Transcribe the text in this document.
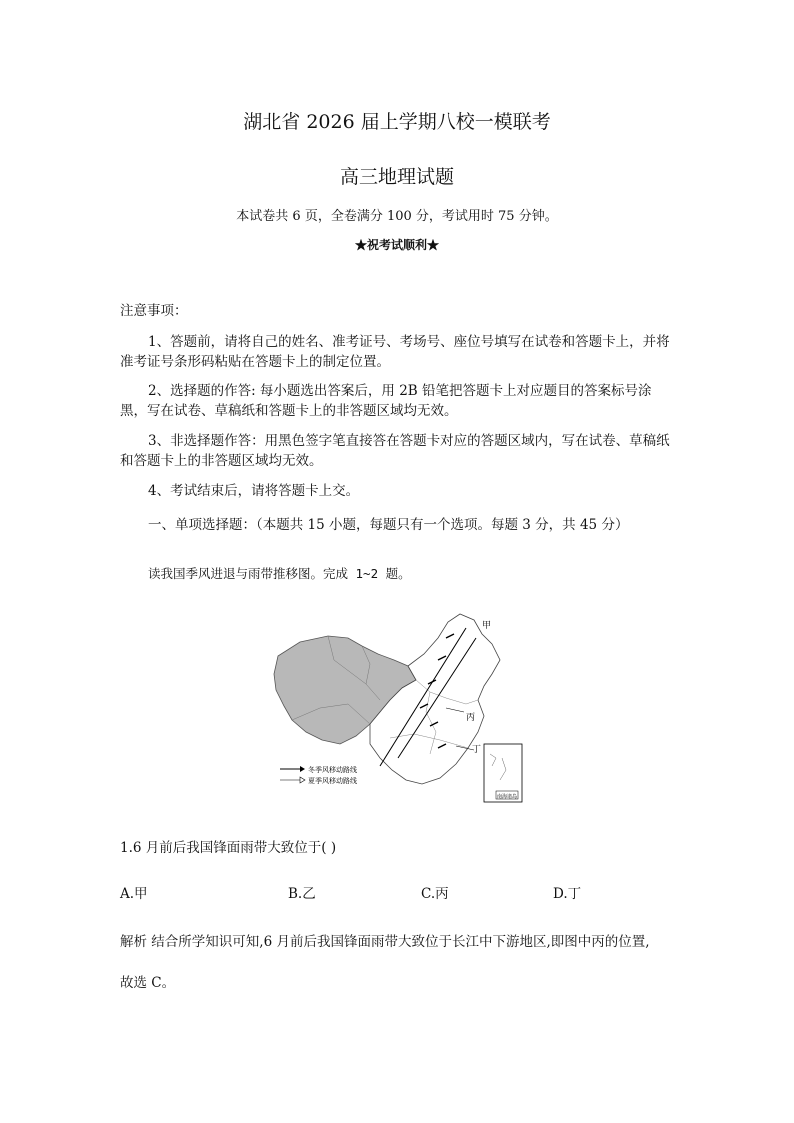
湖北省 2026 届上学期八校一模联考
高三地理试题
本试卷共 6 页，全卷满分 100 分，考试用时 75 分钟。
★祝考试顺利★
注意事项：
1、答题前，请将自己的姓名、准考证号、考场号、座位号填写在试卷和答题卡上，并将准考证号条形码粘贴在答题卡上的制定位置。
2、选择题的作答: 每小题选出答案后，用 2B 铅笔把答题卡上对应题目的答案标号涂黑，写在试卷、草稿纸和答题卡上的非答题区域均无效。
3、非选择题作答：用黑色签字笔直接答在答题卡对应的答题区域内，写在试卷、草稿纸和答题卡上的非答题区域均无效。
4、考试结束后，请将答题卡上交。
一、单项选择题：（本题共 15 小题，每题只有一个选项。每题 3 分，共 45 分）
读我国季风进退与雨带推移图。完成 1~2 题。
甲
丙
丁
冬季风移动路线
夏季风移动路线
南海诸岛
1.6 月前后我国锋面雨带大致位于( )
A.甲	B.乙	C.丙	D.丁
解析 结合所学知识可知,6 月前后我国锋面雨带大致位于长江中下游地区,即图中丙的位置,
故选 C。
